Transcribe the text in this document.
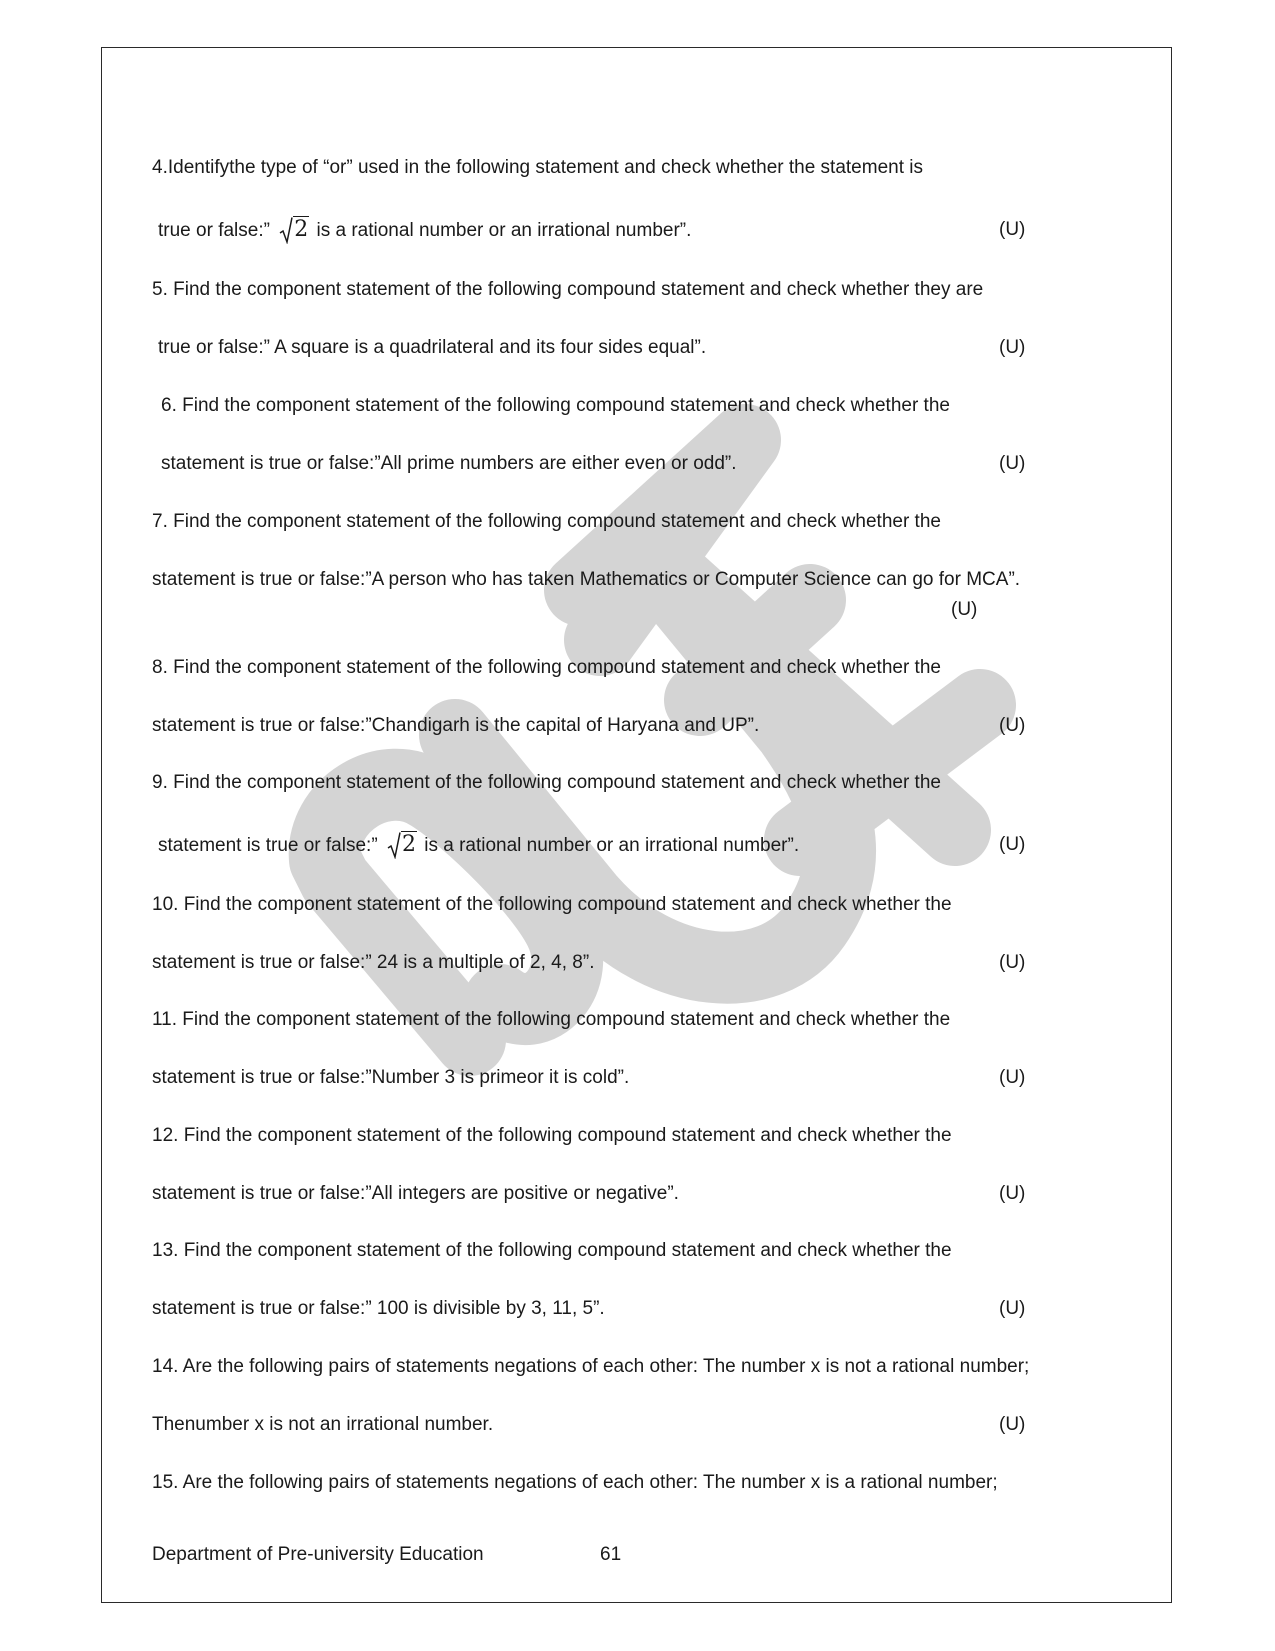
4.Identifythe type of “or” used in the following statement and check whether the statement is
true or false:” 2 is a rational number or an irrational number”.	(U)
5. Find the component statement of the following compound statement and check whether they are
true or false:” A square is a quadrilateral and its four sides equal”.	(U)
6. Find the component statement of the following compound statement and check whether the
statement is true or false:”All prime numbers are either even or odd”.	(U)
7. Find the component statement of the following compound statement and check whether the
statement is true or false:”A person who has taken Mathematics or Computer Science can go for MCA”.
(U)
8. Find the component statement of the following compound statement and check whether the
statement is true or false:”Chandigarh is the capital of Haryana and UP”.	(U)
9. Find the component statement of the following compound statement and check whether the
statement is true or false:” 2 is a rational number or an irrational number”.	(U)
10. Find the component statement of the following compound statement and check whether the
statement is true or false:” 24 is a multiple of 2, 4, 8”.	(U)
11. Find the component statement of the following compound statement and check whether the
statement is true or false:”Number 3 is primeor it is cold”.	(U)
12. Find the component statement of the following compound statement and check whether the
statement is true or false:”All integers are positive or negative”.	(U)
13. Find the component statement of the following compound statement and check whether the
statement is true or false:” 100 is divisible by 3, 11, 5”.	(U)
14. Are the following pairs of statements negations of each other: The number x is not a rational number;
Thenumber x is not an irrational number.	(U)
15. Are the following pairs of statements negations of each other: The number x is a rational number;
Department of Pre-university Education	61
